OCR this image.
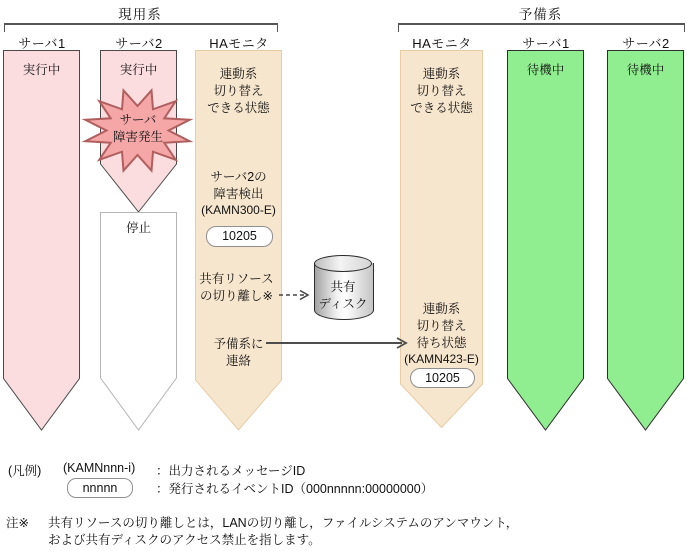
現用系	予備系
サーバ1	サーバ2	HAモニタ	HAモニタ	サーバ1	サーバ2
サーバ
障害発生
実行中	実行中
停止
待機中	待機中
連動系
切り替え
できる状態
サーバ2の
障害検出
(KAMN300-E)
10205
共有リソース
の切り離し※
予備系に
連絡
連動系
切り替え
できる状態
連動系
切り替え
待ち状態
(KAMN423-E)
10205
共有
ディスク
(凡例) (KAMNnnn-i) ：出力されるメッセージID
nnnnn	：発行されるイベントID（000nnnnn:00000000）
注※ 共有リソースの切り離しとは，LANの切り離し，ファイルシステムのアンマウント，
および共有ディスクのアクセス禁止を指します。
